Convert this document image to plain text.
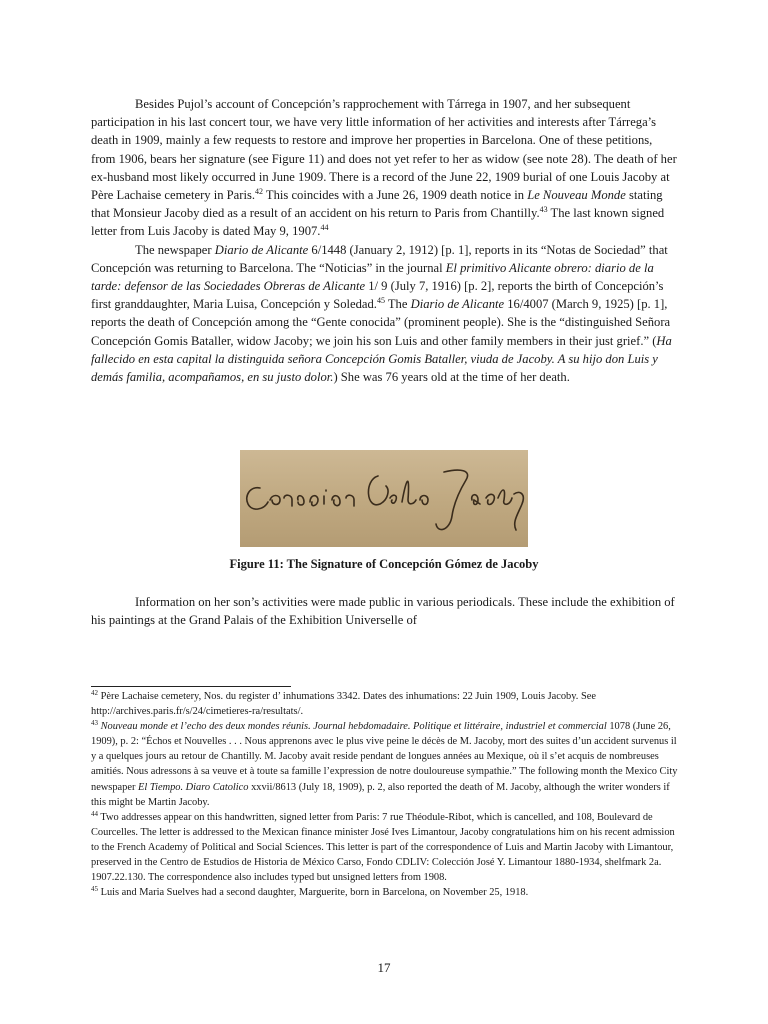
Besides Pujol’s account of Concepción’s rapprochement with Tárrega in 1907, and her subsequent participation in his last concert tour, we have very little information of her activities and interests after Tárrega’s death in 1909, mainly a few requests to restore and improve her properties in Barcelona. One of these petitions, from 1906, bears her signature (see Figure 11) and does not yet refer to her as widow (see note 28). The death of her ex-husband most likely occurred in June 1909. There is a record of the June 22, 1909 burial of one Louis Jacoby at Père Lachaise cemetery in Paris.$^{42}$ This coincides with a June 26, 1909 death notice in Le Nouveau Monde stating that Monsieur Jacoby died as a result of an accident on his return to Paris from Chantilly.$^{43}$ The last known signed letter from Luis Jacoby is dated May 9, 1907.44

The newspaper Diario de Alicante 6/1448 (January 2, 1912) [p. 1], reports in its “Notas de Sociedad” that Concepción was returning to Barcelona. The “Noticias” in the journal El primitivo Alicante obrero: diario de la tarde: defensor de las Sociedades Obreras de Alicante 1/ 9 (July 7, 1916) [p. 2], reports the birth of Concepción’s first granddaughter, Maria Luisa, Concepción y Soledad.$^{45}$ The Diario de Alicante 16/4007 (March 9, 1925) [p. 1], reports the death of Concepción among the “Gente conocida” (prominent people). She is the “distinguished Señora Concepción Gomis Bataller, widow Jacoby; we join his son Luis and other family members in their just grief.” (Ha fallecido en esta capital la distinguida señora Concepción Gomis Bataller, viuda de Jacoby. A su hijo don Luis y demás familia, acompañamos, en su justo dolor.) She was 76 years old at the time of her death.

Figure 11: The Signature of Concepción Gómez de Jacoby

Information on her son’s activities were made public in various periodicals. These include the exhibition of his paintings at the Grand Palais of the Exhibition Universelle of

$^{42}$ Père Lachaise cemetery, Nos. du register d’ inhumations 3342. Dates des inhumations: 22 Juin 1909, Louis Jacoby. See http://archives.paris.fr/s/24/cimetieres-ra/resultats/.

$^{43}$ Nouveau monde et l’echo des deux mondes réunis. Journal hebdomadaire. Politique et littéraire, industriel et commercial 1078 (June 26, 1909), p. 2: “Échos et Nouvelles . . . Nous apprenons avec le plus vive peine le décès de M. Jacoby, mort des suites d’un accident survenus il y a quelques jours au retour de Chantilly. M. Jacoby avait reside pendant de longues années au Mexique, où il s’et acquis de nombreuses amitiés. Nous adressons à sa veuve et à toute sa famille l’expression de notre douloureuse sympathie.” The following month the Mexico City newspaper El Tiempo. Diaro Catolico xxvii/8613 (July 18, 1909), p. 2, also reported the death of M. Jacoby, although the writer wonders if this might be Martin Jacoby.

$^{44}$ Two addresses appear on this handwritten, signed letter from Paris: 7 rue Théodule-Ribot, which is cancelled, and 108, Boulevard de Courcelles. The letter is addressed to the Mexican finance minister José Ives Limantour, Jacoby congratulations him on his recent admission to the French Academy of Political and Social Sciences. This letter is part of the correspondence of Luis and Martin Jacoby with Limantour, preserved in the Centro de Estudios de Historia de México Carso, Fondo CDLIV: Colección José Y. Limantour 1880-1934, shelfmark 2a. 1907.22.130. The correspondence also includes typed but unsigned letters from 1908.

$^{45}$ Luis and Maria Suelves had a second daughter, Marguerite, born in Barcelona, on November 25, 1918.

17
